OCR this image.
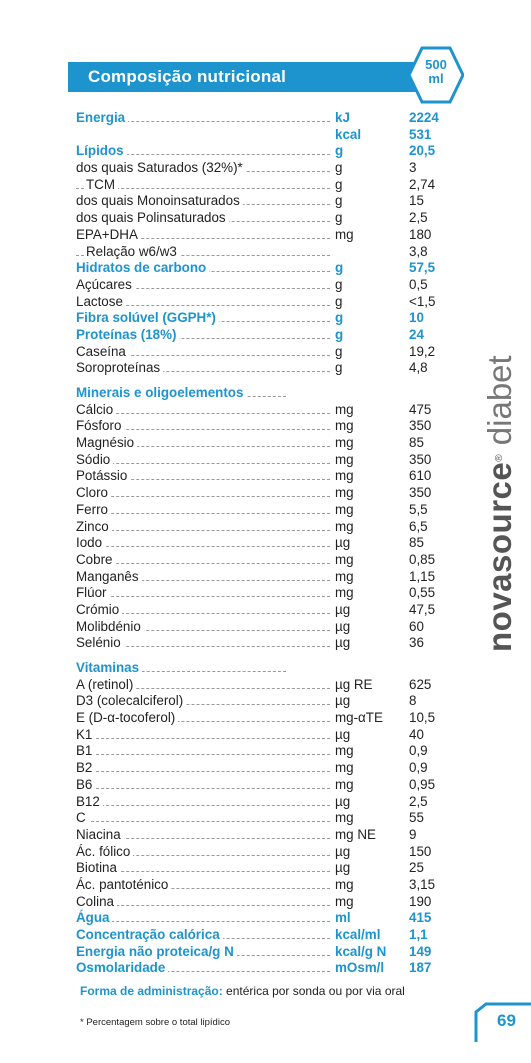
Composição nutricional
500
ml
Energia	kJ	2224
kcal	531
Lípidos	g	20,5
dos quais Saturados (32%)*	g	3
TCM	g	2,74
dos quais Monoinsaturados	g	15
dos quais Polinsaturados	g	2,5
EPA+DHA	mg	180
Relação w6/w3	3,8
Hidratos de carbono	g	57,5
Açúcares	g	0,5
Lactose	g	<1,5
Fibra solúvel (GGPH*)	g	10
Proteínas (18%)	g	24
Caseína	g	19,2
Soroproteínas	g	4,8
Minerais e oligoelementos
Cálcio	mg	475
Fósforo	mg	350
Magnésio	mg	85
Sódio	mg	350
Potássio	mg	610
Cloro	mg	350
Ferro	mg	5,5
Zinco	mg	6,5
Iodo	µg	85
Cobre	mg	0,85
Manganês	mg	1,15
Flúor	mg	0,55
Crómio	µg	47,5
Molibdénio	µg	60
Selénio	µg	36
Vitaminas
A (retinol)	µg RE	625
D3 (colecalciferol)	µg	8
E (D-α-tocoferol)	mg-αTE 10,5
K1	µg	40
B1	mg	0,9
B2	mg	0,9
B6	mg	0,95
B12	µg	2,5
C	mg	55
Niacina	mg NE 9
Ác. fólico	µg	150
Biotina	µg	25
Ác. pantoténico	mg	3,15
Colina	mg	190
Água	ml	415
Concentração calórica	kcal/ml 1,1
Energia não proteica/g N	kcal/g N 149
Osmolaridade	mOsm/l 187
Forma de administração: entérica por sonda ou por via oral
* Percentagem sobre o total lipídico
novasource® diabet
69
